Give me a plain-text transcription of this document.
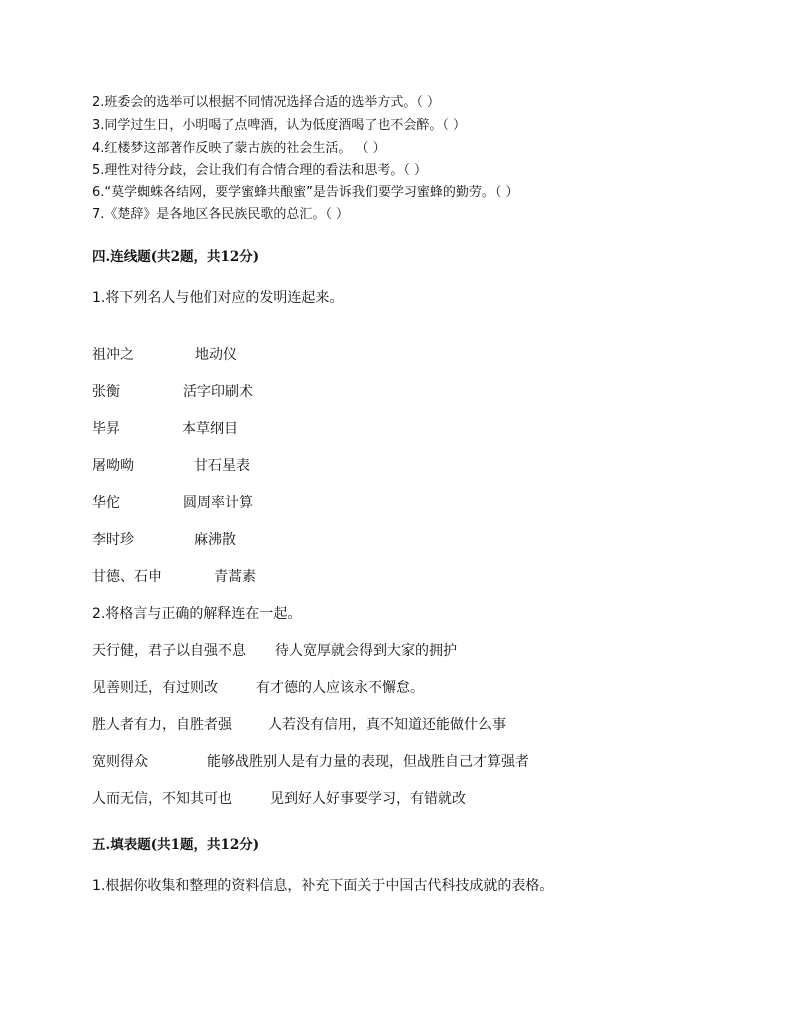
2.班委会的选举可以根据不同情况选择合适的选举方式。（ ）
3.同学过生日，小明喝了点啤酒，认为低度酒喝了也不会醉。（ ）
4.红楼梦这部著作反映了蒙古族的社会生活。 （ ）
5.理性对待分歧，会让我们有合情合理的看法和思考。（ ）
6.“莫学蜘蛛各结网，要学蜜蜂共酿蜜”是告诉我们要学习蜜蜂的勤劳。（ ）
7.《楚辞》是各地区各民族民歌的总汇。（ ）
四.连线题(共2题，共12分)
1.将下列名人与他们对应的发明连起来。
祖冲之	地动仪
张衡	活字印刷术
毕昇	本草纲目
屠呦呦	甘石星表
华佗	圆周率计算
李时珍	麻沸散
甘德、石申	青蒿素
2.将格言与正确的解释连在一起。
天行健，君子以自强不息 待人宽厚就会得到大家的拥护
见善则迁，有过则改	有才德的人应该永不懈怠。
胜人者有力，自胜者强	人若没有信用，真不知道还能做什么事
宽则得众	能够战胜别人是有力量的表现，但战胜自己才算强者
人而无信，不知其可也	见到好人好事要学习，有错就改
五.填表题(共1题，共12分)
1.根据你收集和整理的资料信息，补充下面关于中国古代科技成就的表格。
